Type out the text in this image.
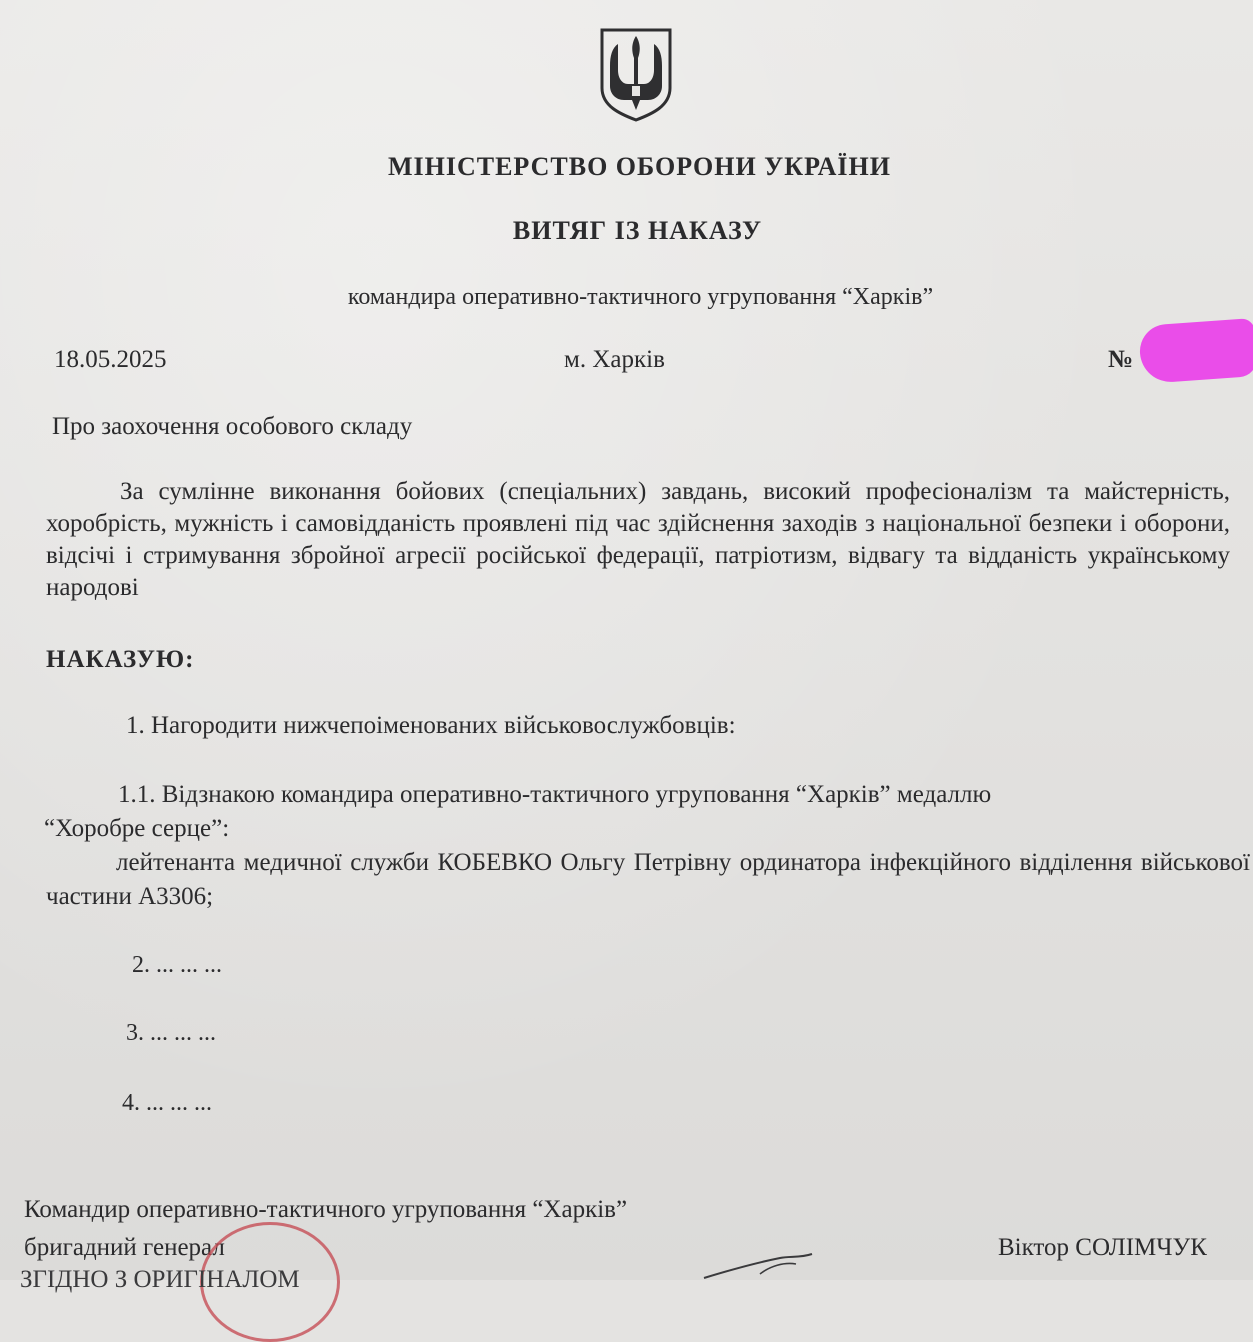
МІНІСТЕРСТВО ОБОРОНИ УКРАЇНИ

ВИТЯГ ІЗ НАКАЗУ

командира оперативно-тактичного угруповання “Харків”

18.05.2025	м. Харків	№

Про заохочення особового складу

За сумлінне виконання бойових (спеціальних) завдань, високий професіоналізм та майстерність, хоробрість, мужність і самовідданість проявлені під час здійснення заходів з національної безпеки і оборони, відсічі і стримування збройної агресії російської федерації, патріотизм, відвагу та відданість українському народові

НАКАЗУЮ:

1. Нагородити нижчепоіменованих військовослужбовців:

1.1. Відзнакою командира оперативно-тактичного угруповання “Харків” медаллю
“Хоробре серце”:

лейтенанта медичної служби КОБЕВКО Ольгу Петрівну ординатора інфекційного відділення військової частини А3306;

2. ... ... ...

3. ... ... ...

4. ... ... ...

Командир оперативно-тактичного угруповання “Харків”

бригадний генерал	Віктор СОЛІМЧУК

ЗГІДНО З ОРИГІНАЛОМ
